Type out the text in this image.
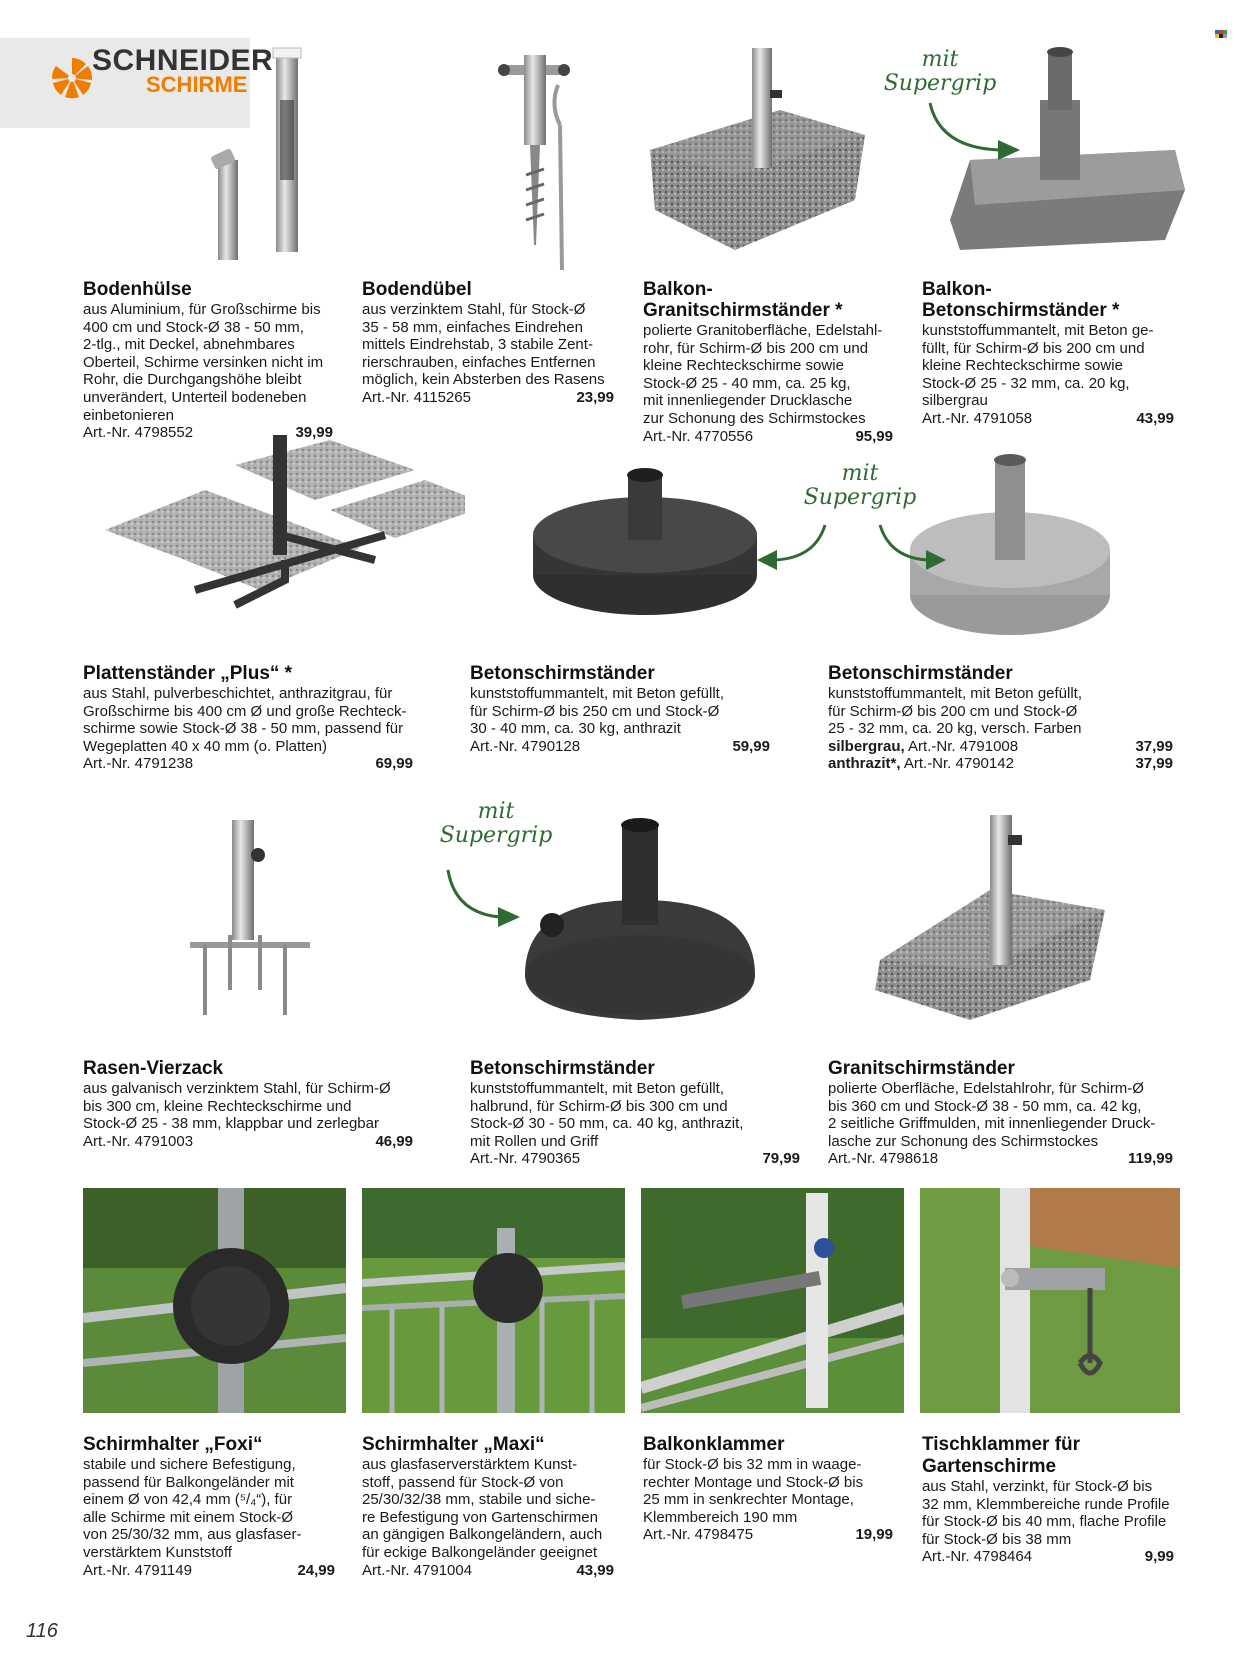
SCHNEIDER
SCHIRME
mit
Supergrip
mit
Supergrip
mit
Supergrip
Bodenhülse
aus Aluminium, für Großschirme bis
400 cm und Stock-Ø 38 - 50 mm,
2-tlg., mit Deckel, abnehmbares
Oberteil, Schirme versinken nicht im
Rohr, die Durchgangshöhe bleibt
unverändert, Unterteil bodeneben
einbetonieren
Art.-Nr. 4798552	39,99
Bodendübel
aus verzinktem Stahl, für Stock-Ø
35 - 58 mm, einfaches Eindrehen
mittels Eindrehstab, 3 stabile Zent-
rierschrauben, einfaches Entfernen
möglich, kein Absterben des Rasens
Art.-Nr. 4115265	23,99
Balkon-Granitschirmständer *
polierte Granitoberfläche, Edelstahl-
rohr, für Schirm-Ø bis 200 cm und
kleine Rechteckschirme sowie
Stock-Ø 25 - 40 mm, ca. 25 kg,
mit innenliegender Drucklasche
zur Schonung des Schirmstockes
Art.-Nr. 4770556	95,99
Balkon-Betonschirmständer *
kunststoffummantelt, mit Beton ge-
füllt, für Schirm-Ø bis 200 cm und
kleine Rechteckschirme sowie
Stock-Ø 25 - 32 mm, ca. 20 kg,
silbergrau
Art.-Nr. 4791058	43,99
Plattenständer „Plus“ *
aus Stahl, pulverbeschichtet, anthrazitgrau, für
Großschirme bis 400 cm Ø und große Rechteck-
schirme sowie Stock-Ø 38 - 50 mm, passend für
Wegeplatten 40 x 40 mm (o. Platten)
Art.-Nr. 4791238	69,99
Betonschirmständer
kunststoffummantelt, mit Beton gefüllt,
für Schirm-Ø bis 250 cm und Stock-Ø
30 - 40 mm, ca. 30 kg, anthrazit
Art.-Nr. 4790128	59,99
Betonschirmständer
kunststoffummantelt, mit Beton gefüllt,
für Schirm-Ø bis 200 cm und Stock-Ø
25 - 32 mm, ca. 20 kg, versch. Farben
silbergrau, Art.-Nr. 4791008	37,99
anthrazit*, Art.-Nr. 4790142	37,99
Rasen-Vierzack
aus galvanisch verzinktem Stahl, für Schirm-Ø
bis 300 cm, kleine Rechteckschirme und
Stock-Ø 25 - 38 mm, klappbar und zerlegbar
Art.-Nr. 4791003	46,99
Betonschirmständer
kunststoffummantelt, mit Beton gefüllt,
halbrund, für Schirm-Ø bis 300 cm und
Stock-Ø 30 - 50 mm, ca. 40 kg, anthrazit,
mit Rollen und Griff
Art.-Nr. 4790365	79,99
Granitschirmständer
polierte Oberfläche, Edelstahlrohr, für Schirm-Ø
bis 360 cm und Stock-Ø 38 - 50 mm, ca. 42 kg,
2 seitliche Griffmulden, mit innenliegender Druck-
lasche zur Schonung des Schirmstockes
Art.-Nr. 4798618	119,99
Schirmhalter „Foxi“
stabile und sichere Befestigung,
passend für Balkongeländer mit
einem Ø von 42,4 mm (⁵/₄“), für
alle Schirme mit einem Stock-Ø
von 25/30/32 mm, aus glasfaser-
verstärktem Kunststoff
Art.-Nr. 4791149	24,99
Schirmhalter „Maxi“
aus glasfaserverstärktem Kunst-
stoff, passend für Stock-Ø von
25/30/32/38 mm, stabile und siche-
re Befestigung von Gartenschirmen
an gängigen Balkongeländern, auch
für eckige Balkongeländer geeignet
Art.-Nr. 4791004	43,99
Balkonklammer
für Stock-Ø bis 32 mm in waage-
rechter Montage und Stock-Ø bis
25 mm in senkrechter Montage,
Klemmbereich 190 mm
Art.-Nr. 4798475	19,99
Tischklammer für
Gartenschirme
aus Stahl, verzinkt, für Stock-Ø bis
32 mm, Klemmbereiche runde Profile
für Stock-Ø bis 40 mm, flache Profile
für Stock-Ø bis 38 mm
Art.-Nr. 4798464	9,99
116
